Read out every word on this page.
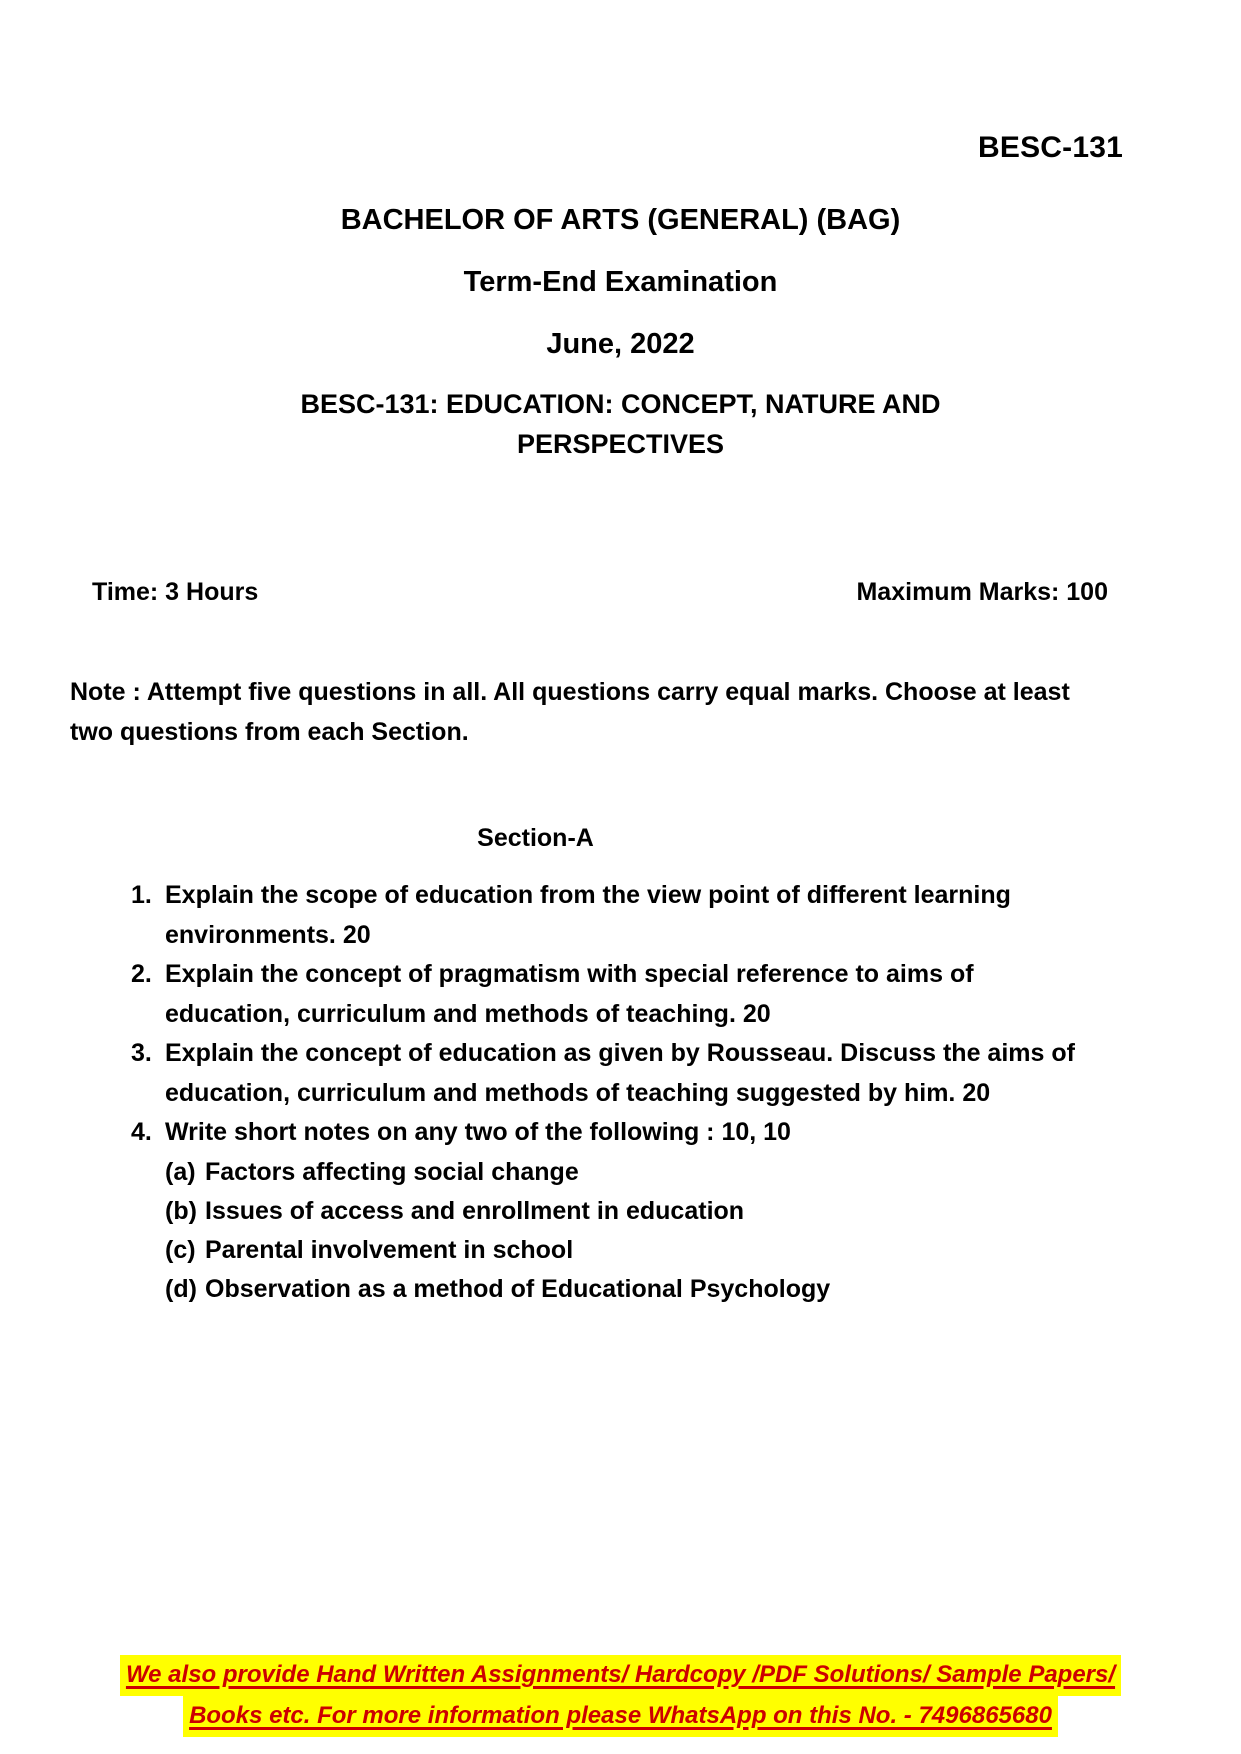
BESC-131
BACHELOR OF ARTS (GENERAL) (BAG)
Term-End Examination
June, 2022
BESC-131: EDUCATION: CONCEPT, NATURE AND PERSPECTIVES
Time: 3 Hours	Maximum Marks: 100
Note : Attempt five questions in all. All questions carry equal marks. Choose at least two questions from each Section.
Section-A
1. Explain the scope of education from the view point of different learning environments. 20
2. Explain the concept of pragmatism with special reference to aims of education, curriculum and methods of teaching. 20
3. Explain the concept of education as given by Rousseau. Discuss the aims of education, curriculum and methods of teaching suggested by him. 20
4. Write short notes on any two of the following : 10, 10
(a) Factors affecting social change
(b) Issues of access and enrollment in education
(c) Parental involvement in school
(d) Observation as a method of Educational Psychology
We also provide Hand Written Assignments/ Hardcopy /PDF Solutions/ Sample Papers/
Books etc. For more information please WhatsApp on this No. - 7496865680
